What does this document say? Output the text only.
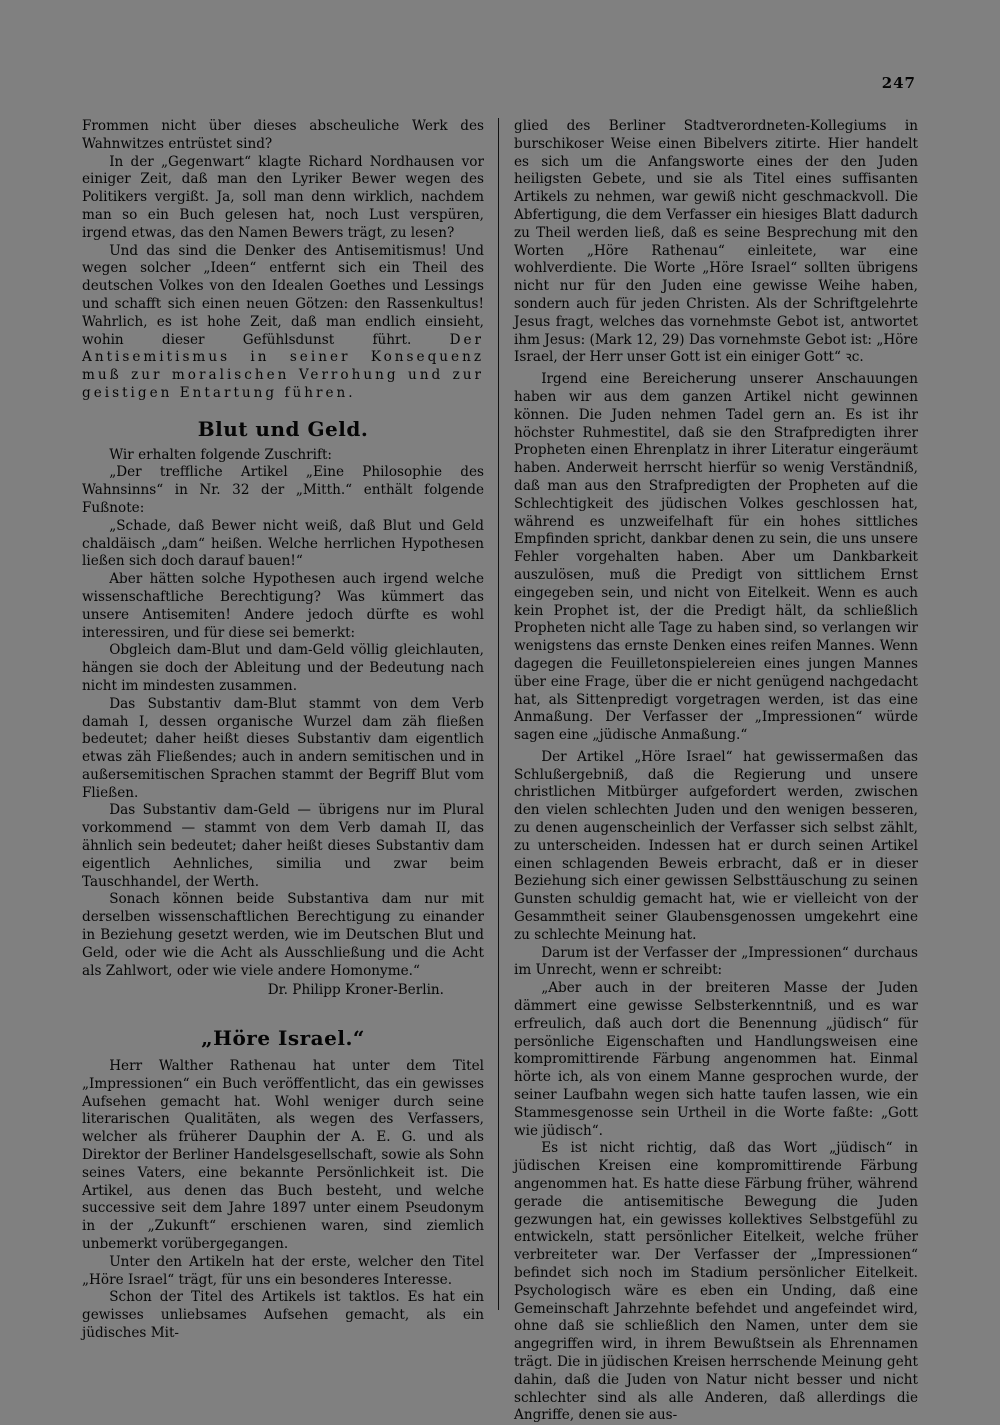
247

Frommen nicht über dieses abscheuliche Werk des Wahnwitzes entrüstet sind?

In der „Gegenwart“ klagte Richard Nordhausen vor einiger Zeit, daß man den Lyriker Bewer wegen des Politikers vergißt. Ja, soll man denn wirklich, nachdem man so ein Buch gelesen hat, noch Lust verspüren, irgend etwas, das den Namen Bewers trägt, zu lesen?

Und das sind die Denker des Antisemitismus! Und wegen solcher „Ideen“ entfernt sich ein Theil des deutschen Volkes von den Idealen Goethes und Lessings und schafft sich einen neuen Götzen: den Rassenkultus! Wahrlich, es ist hohe Zeit, daß man endlich einsieht, wohin dieser Gefühlsdunst führt.	Der Antisemitismus in seiner Konsequenz muß zur moralischen Verrohung und zur geistigen Entartung führen.

Blut und Geld.

Wir erhalten folgende Zuschrift:

„Der treffliche Artikel „Eine Philosophie des Wahnsinns“ in Nr. 32 der „Mitth.“ enthält folgende Fußnote:

„Schade, daß Bewer nicht weiß, daß Blut und Geld chaldäisch „dam“ heißen. Welche herrlichen Hypothesen ließen sich doch darauf bauen!“

Aber hätten solche Hypothesen auch irgend welche wissenschaftliche Berechtigung? Was kümmert das unsere Antisemiten! Andere jedoch dürfte es wohl interessiren, und für diese sei bemerkt:

Obgleich dam-Blut und dam-Geld völlig gleichlauten, hängen sie doch der Ableitung und der Bedeutung nach nicht im mindesten zusammen.

Das Substantiv dam-Blut stammt von dem Verb damah I, dessen organische Wurzel dam zäh fließen bedeutet; daher heißt dieses Substantiv dam eigentlich etwas zäh Fließendes; auch in andern semitischen und in außersemitischen Sprachen stammt der Begriff Blut vom Fließen.

Das Substantiv dam-Geld — übrigens nur im Plural vorkommend — stammt von dem Verb damah II, das ähnlich sein bedeutet; daher heißt dieses Substantiv dam eigentlich Aehnliches, similia und zwar beim Tauschhandel, der Werth.

Sonach können beide Substantiva dam nur mit derselben wissenschaftlichen Berechtigung zu einander in Beziehung gesetzt werden, wie im Deutschen Blut und Geld, oder wie die Acht als Ausschließung und die Acht als Zahlwort, oder wie viele andere Homonyme.“

Dr. Philipp Kroner-Berlin.

„Höre Israel.“

Herr Walther Rathenau hat unter dem Titel „Impressionen“ ein Buch veröffentlicht, das ein gewisses Aufsehen gemacht hat. Wohl weniger durch seine literarischen Qualitäten, als wegen des Verfassers, welcher als früherer Dauphin der A. E. G. und als Direktor der Berliner Handelsgesellschaft, sowie als Sohn seines Vaters, eine bekannte Persönlichkeit ist. Die Artikel, aus denen das Buch besteht, und welche successive seit dem Jahre 1897 unter einem Pseudonym in der „Zukunft“ erschienen waren, sind ziemlich unbemerkt vorübergegangen.

Unter den Artikeln hat der erste, welcher den Titel „Höre Israel“ trägt, für uns ein besonderes Interesse.

Schon der Titel des Artikels ist taktlos. Es hat ein gewisses unliebsames Aufsehen gemacht, als ein jüdisches Mit-

glied des Berliner Stadtverordneten-Kollegiums in burschikoser Weise einen Bibelvers zitirte. Hier handelt es sich um die Anfangsworte eines der den Juden heiligsten Gebete, und sie als Titel eines suffisanten Artikels zu nehmen, war gewiß nicht geschmackvoll. Die Abfertigung, die dem Verfasser ein hiesiges Blatt dadurch zu Theil werden ließ, daß es seine Besprechung mit den Worten „Höre Rathenau“ einleitete, war eine wohlverdiente. Die Worte „Höre Israel“ sollten übrigens nicht nur für den Juden eine gewisse Weihe haben, sondern auch für jeden Christen. Als der Schriftgelehrte Jesus fragt, welches das vornehmste Gebot ist, antwortet ihm Jesus: (Mark 12, 29) Das vornehmste Gebot ist: „Höre Israel, der Herr unser Gott ist ein einiger Gott“ ꝛc.

Irgend eine Bereicherung unserer Anschauungen haben wir aus dem ganzen Artikel nicht gewinnen können. Die Juden nehmen Tadel gern an. Es ist ihr höchster Ruhmestitel, daß sie den Strafpredigten ihrer Propheten einen Ehrenplatz in ihrer Literatur eingeräumt haben. Anderweit herrscht hierfür so wenig Verständniß, daß man aus den Strafpredigten der Propheten auf die Schlechtigkeit des jüdischen Volkes geschlossen hat, während es unzweifelhaft für ein hohes sittliches Empfinden spricht, dankbar denen zu sein, die uns unsere Fehler vorgehalten haben. Aber um Dankbarkeit auszulösen, muß die Predigt von sittlichem Ernst eingegeben sein, und nicht von Eitelkeit. Wenn es auch kein Prophet ist, der die Predigt hält, da schließlich Propheten nicht alle Tage zu haben sind, so verlangen wir wenigstens das ernste Denken eines reifen Mannes. Wenn dagegen die Feuilletonspielereien eines jungen Mannes über eine Frage, über die er nicht genügend nachgedacht hat, als Sittenpredigt vorgetragen werden, ist das eine Anmaßung. Der Verfasser der „Impressionen“ würde sagen eine „jüdische Anmaßung.“

Der Artikel „Höre Israel“ hat gewissermaßen das Schlußergebniß, daß die Regierung und unsere christlichen Mitbürger aufgefordert werden, zwischen den vielen schlechten Juden und den wenigen besseren, zu denen augenscheinlich der Verfasser sich selbst zählt, zu unterscheiden. Indessen hat er durch seinen Artikel einen schlagenden Beweis erbracht, daß er in dieser Beziehung sich einer gewissen Selbsttäuschung zu seinen Gunsten schuldig gemacht hat, wie er vielleicht von der Gesammtheit seiner Glaubensgenossen umgekehrt eine zu schlechte Meinung hat.

Darum ist der Verfasser der „Impressionen“ durchaus im Unrecht, wenn er schreibt:

„Aber auch in der breiteren Masse der Juden dämmert eine gewisse Selbsterkenntniß, und es war erfreulich, daß auch dort die Benennung „jüdisch“ für persönliche Eigenschaften und Handlungsweisen eine kompromittirende Färbung angenommen hat. Einmal hörte ich, als von einem Manne gesprochen wurde, der seiner Laufbahn wegen sich hatte taufen lassen, wie ein Stammesgenosse sein Urtheil in die Worte faßte: „Gott wie jüdisch“.

Es ist nicht richtig, daß das Wort „jüdisch“ in jüdischen Kreisen eine kompromittirende Färbung angenommen hat. Es hatte diese Färbung früher, während gerade die antisemitische Bewegung die Juden gezwungen hat, ein gewisses kollektives Selbstgefühl zu entwickeln, statt persönlicher Eitelkeit, welche früher verbreiteter war. Der Verfasser der „Impressionen“ befindet sich noch im Stadium persönlicher Eitelkeit. Psychologisch wäre es eben ein Unding, daß eine Gemeinschaft Jahrzehnte befehdet und angefeindet wird, ohne daß sie schließlich den Namen, unter dem sie angegriffen wird, in ihrem Bewußtsein als Ehrennamen trägt. Die in jüdischen Kreisen herrschende Meinung geht dahin, daß die Juden von Natur nicht besser und nicht schlechter sind als alle Anderen, daß allerdings die Angriffe, denen sie aus-
